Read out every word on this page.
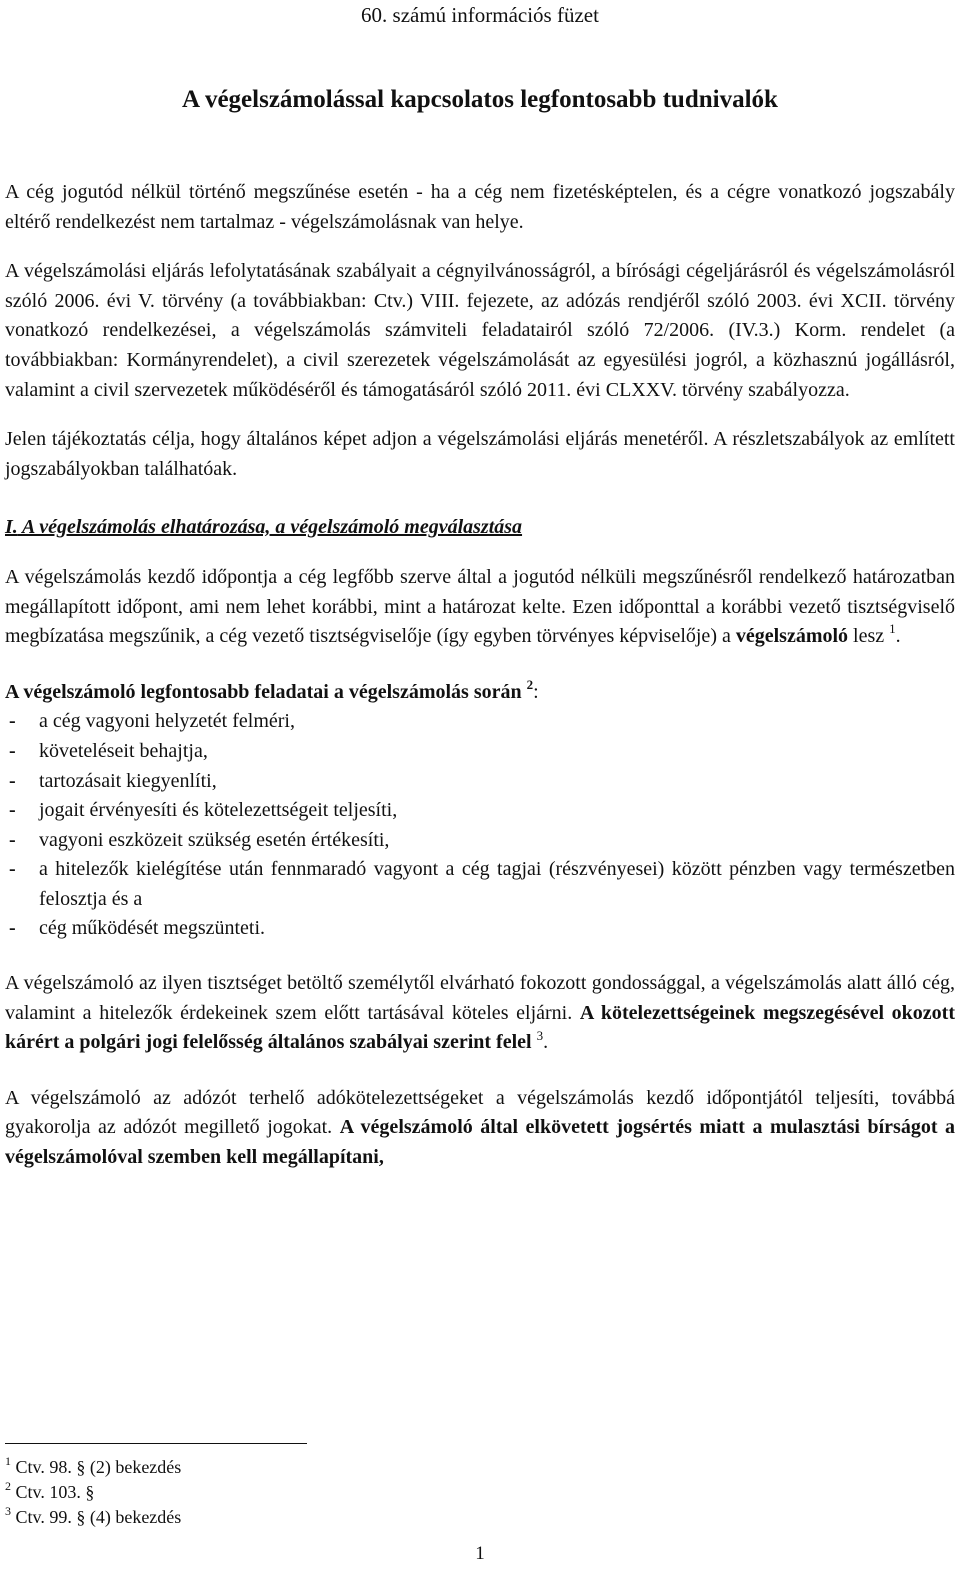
60. számú információs füzet
A végelszámolással kapcsolatos legfontosabb tudnivalók

A cég jogutód nélkül történő megszűnése esetén - ha a cég nem fizetésképtelen, és a cégre vonatkozó jogszabály eltérő rendelkezést nem tartalmaz - végelszámolásnak van helye.

A végelszámolási eljárás lefolytatásának szabályait a cégnyilvánosságról, a bírósági cégeljárásról és végelszámolásról szóló 2006. évi V. törvény (a továbbiakban: Ctv.) VIII. fejezete, az adózás rendjéről szóló 2003. évi XCII. törvény vonatkozó rendelkezései, a végelszámolás számviteli feladatairól szóló 72/2006. (IV.3.) Korm. rendelet (a továbbiakban: Kormányrendelet), a civil szerezetek végelszámolását az egyesülési jogról, a közhasznú jogállásról, valamint a civil szervezetek működéséről és támogatásáról szóló 2011. évi CLXXV. törvény szabályozza.

Jelen tájékoztatás célja, hogy általános képet adjon a végelszámolási eljárás menetéről. A részletszabályok az említett jogszabályokban találhatóak.

I. A végelszámolás elhatározása, a végelszámoló megválasztása

A végelszámolás kezdő időpontja a cég legfőbb szerve által a jogutód nélküli megszűnésről rendelkező határozatban megállapított időpont, ami nem lehet korábbi, mint a határozat kelte. Ezen időponttal a korábbi vezető tisztségviselő megbízatása megszűnik, a cég vezető tisztségviselője (így egyben törvényes képviselője) a végelszámoló lesz $^1$.

A végelszámoló legfontosabb feladatai a végelszámolás során $^2$:

- a cég vagyoni helyzetét felméri,
- követeléseit behajtja,
- tartozásait kiegyenlíti,
- jogait érvényesíti és kötelezettségeit teljesíti,
- vagyoni eszközeit szükség esetén értékesíti,
- a hitelezők kielégítése után fennmaradó vagyont a cég tagjai (részvényesei) között pénzben vagy természetben felosztja és a
- cég működését megszünteti.

A végelszámoló az ilyen tisztséget betöltő személytől elvárható fokozott gondossággal, a végelszámolás alatt álló cég, valamint a hitelezők érdekeinek szem előtt tartásával köteles eljárni. A kötelezettségeinek megszegésével okozott kárért a polgári jogi felelősség általános szabályai szerint felel $^3$.

A végelszámoló az adózót terhelő adókötelezettségeket a végelszámolás kezdő időpontjától teljesíti, továbbá gyakorolja az adózót megillető jogokat. A végelszámoló által elkövetett jogsértés miatt a mulasztási bírságot a végelszámolóval szemben kell megállapítani,

$^1$ Ctv. 98. § (2) bekezdés
$^2$ Ctv. 103. §
$^3$ Ctv. 99. § (4) bekezdés
1
